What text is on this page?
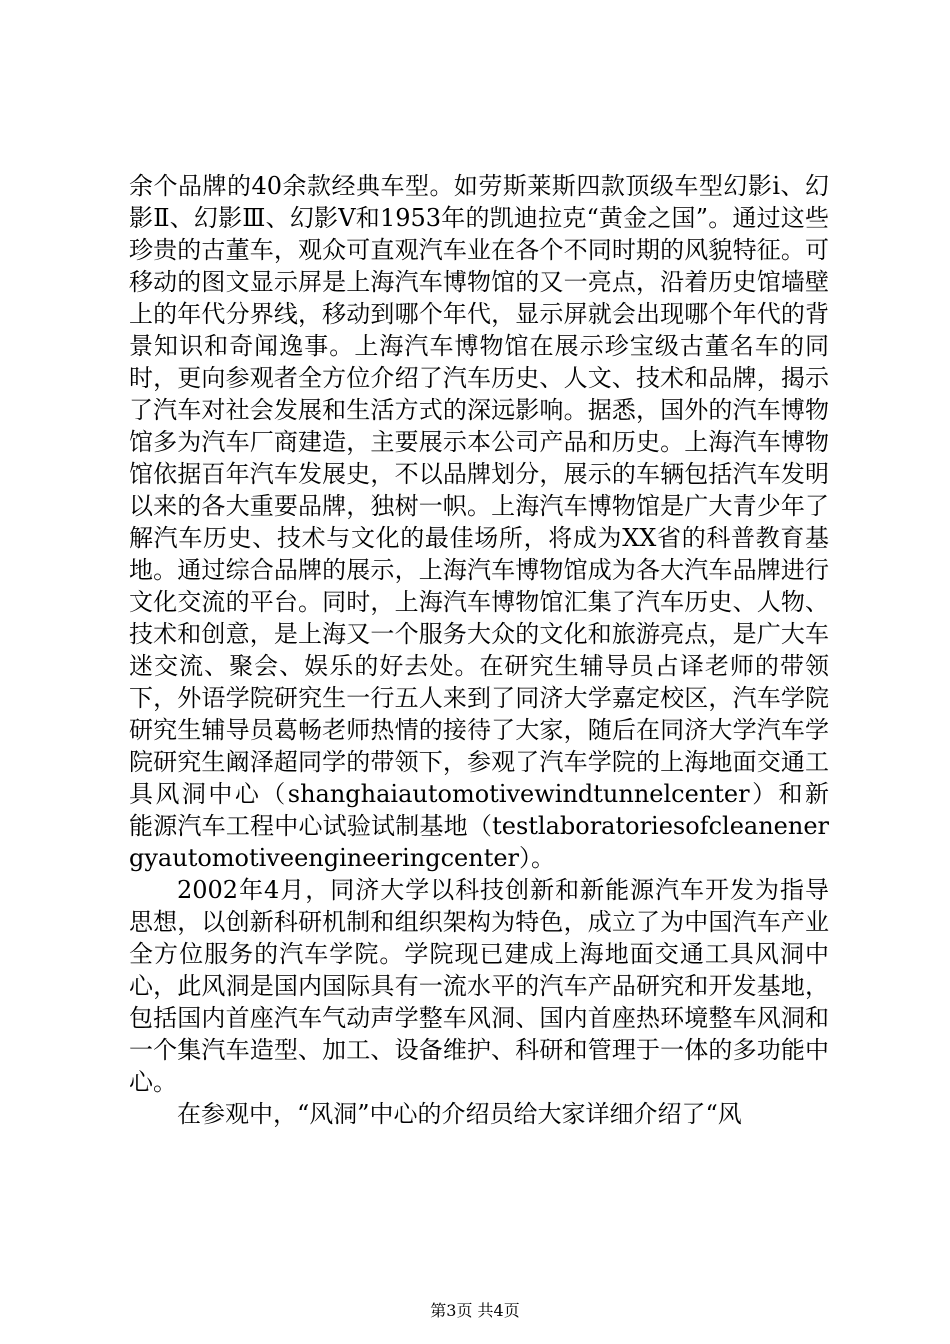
余个品牌的40余款经典车型。如劳斯莱斯四款顶级车型幻影i、幻影Ⅱ、幻影Ⅲ、幻影Ⅴ和1953年的凯迪拉克“黄金之国”。通过这些珍贵的古董车，观众可直观汽车业在各个不同时期的风貌特征。可移动的图文显示屏是上海汽车博物馆的又一亮点，沿着历史馆墙壁上的年代分界线，移动到哪个年代，显示屏就会出现哪个年代的背景知识和奇闻逸事。上海汽车博物馆在展示珍宝级古董名车的同时，更向参观者全方位介绍了汽车历史、人文、技术和品牌，揭示了汽车对社会发展和生活方式的深远影响。据悉，国外的汽车博物馆多为汽车厂商建造，主要展示本公司产品和历史。上海汽车博物馆依据百年汽车发展史，不以品牌划分，展示的车辆包括汽车发明以来的各大重要品牌，独树一帜。上海汽车博物馆是广大青少年了解汽车历史、技术与文化的最佳场所，将成为XX省的科普教育基地。通过综合品牌的展示，上海汽车博物馆成为各大汽车品牌进行文化交流的平台。同时，上海汽车博物馆汇集了汽车历史、人物、技术和创意，是上海又一个服务大众的文化和旅游亮点，是广大车迷交流、聚会、娱乐的好去处。在研究生辅导员占译老师的带领下，外语学院研究生一行五人来到了同济大学嘉定校区，汽车学院研究生辅导员葛畅老师热情的接待了大家，随后在同济大学汽车学院研究生阚泽超同学的带领下，参观了汽车学院的上海地面交通工具风洞中心（shanghaiautomotivewindtunnelcenter）和新能源汽车工程中心试验试制基地（testlaboratoriesofcleanenergyautomotiveengineeringcenter）。

2002年4月，同济大学以科技创新和新能源汽车开发为指导思想，以创新科研机制和组织架构为特色，成立了为中国汽车产业全方位服务的汽车学院。学院现已建成上海地面交通工具风洞中心，此风洞是国内国际具有一流水平的汽车产品研究和开发基地，包括国内首座汽车气动声学整车风洞、国内首座热环境整车风洞和一个集汽车造型、加工、设备维护、科研和管理于一体的多功能中心。

在参观中，“风洞”中心的介绍员给大家详细介绍了“风

第3页 共4页
